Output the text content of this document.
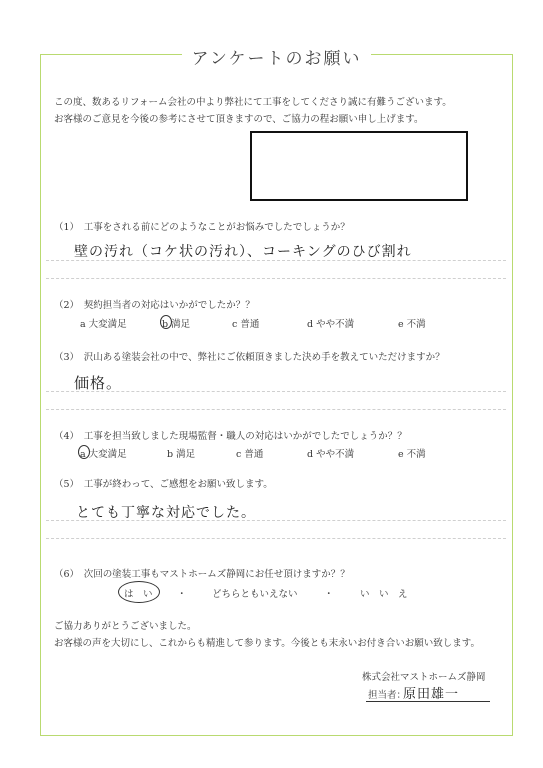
アンケートのお願い
この度、数あるリフォーム会社の中より弊社にて工事をしてくださり誠に有難うございます。
お客様のご意見を今後の参考にさせて頂きますので、ご協力の程お願い申し上げます。
（1）　工事をされる前にどのようなことがお悩みでしたでしょうか？
壁の汚れ（コケ状の汚れ）、コーキングのひび割れ
（2）　契約担当者の対応はいかがでしたか？？
a 大変満足	b 満足	c 普通	d やや不満	e 不満
（3）　沢山ある塗装会社の中で、弊社にご依頼頂きました決め手を教えていただけますか？
価格。
（4）　工事を担当致しました現場監督・職人の対応はいかがでしたでしょうか？？
a 大変満足	b 満足	c 普通	d やや不満	e 不満
（5）　工事が終わって、ご感想をお願い致します。
とても丁寧な対応でした。
（6）　次回の塗装工事もマストホームズ静岡にお任せ頂けますか？？
は　い	・	どちらともいえない	・	い　い　え
ご協力ありがとうございました。
お客様の声を大切にし、これからも精進して参ります。今後とも末永いお付き合いお願い致します。
株式会社マストホームズ静岡
担当者：
原田雄一
